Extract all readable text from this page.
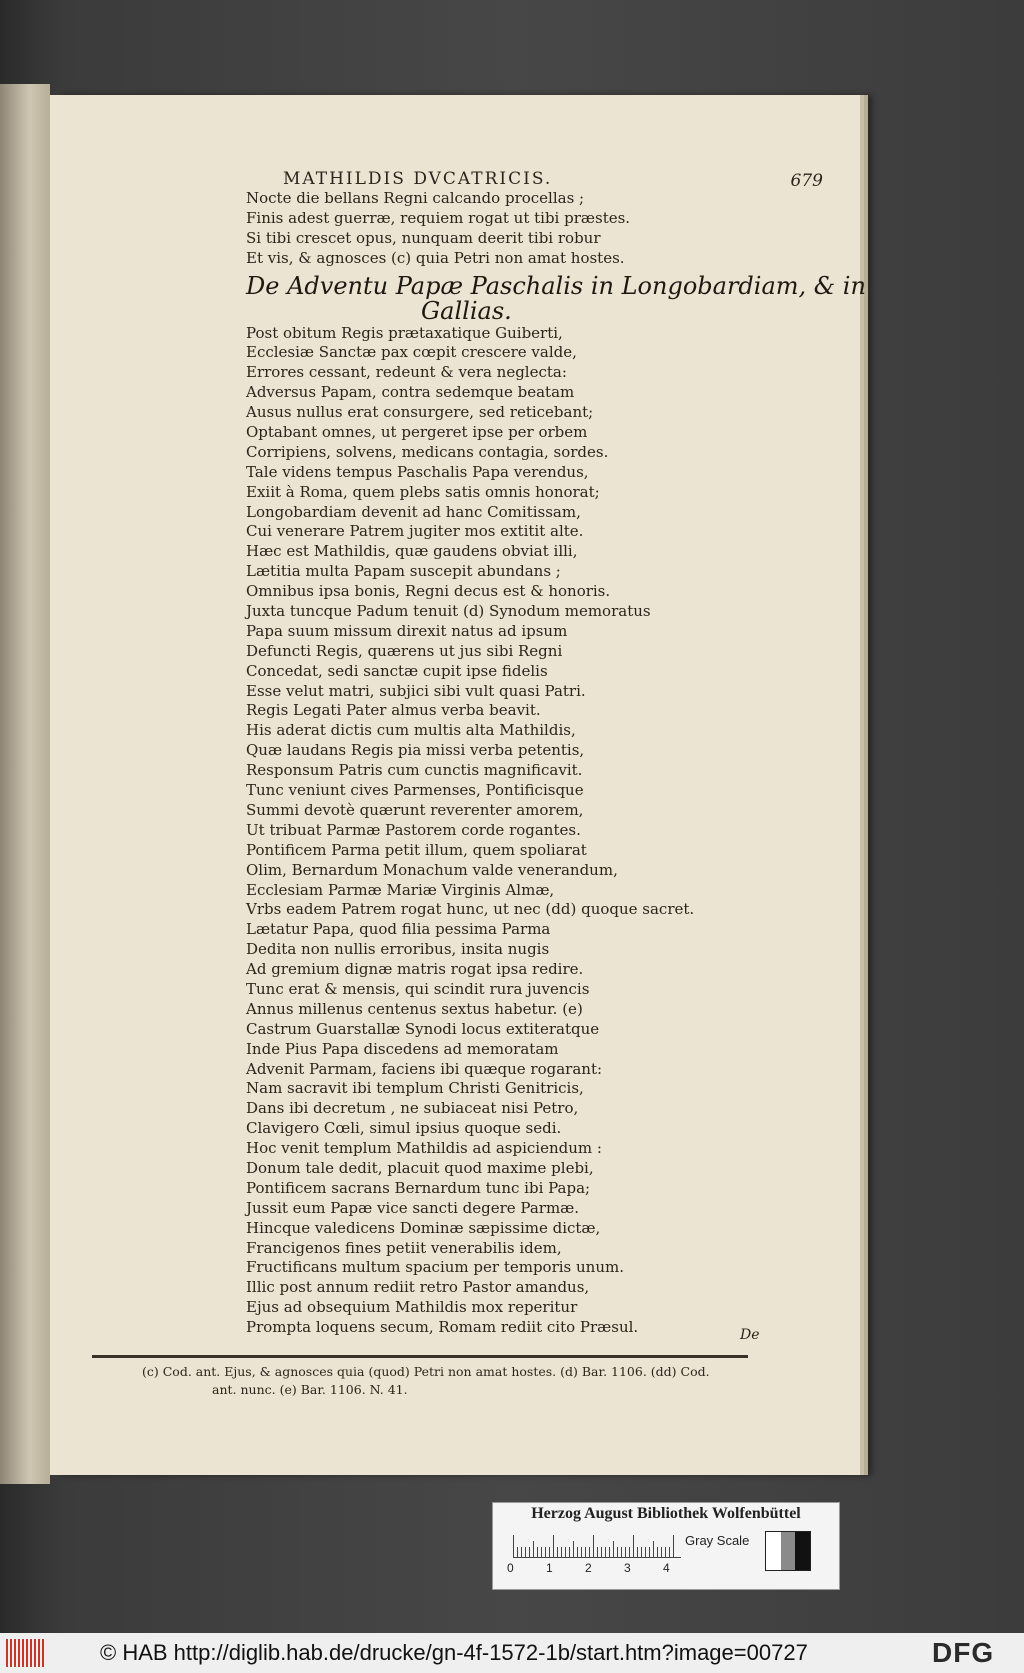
MATHILDIS DVCATRICIS.	679
Nocte die bellans Regni calcando procellas ;
Finis adest guerræ, requiem rogat ut tibi præstes.
Si tibi crescet opus, nunquam deerit tibi robur
Et vis, & agnosces (c) quia Petri non amat hostes.
De Adventu Papæ Paschalis in Longobardiam, & in
Gallias.
Post obitum Regis prætaxatique Guiberti,
Ecclesiæ Sanctæ pax cœpit crescere valde,
Errores cessant, redeunt & vera neglecta:
Adversus Papam, contra sedemque beatam
Ausus nullus erat consurgere, sed reticebant;
Optabant omnes, ut pergeret ipse per orbem
Corripiens, solvens, medicans contagia, sordes.
Tale videns tempus Paschalis Papa verendus,
Exiit à Roma, quem plebs satis omnis honorat;
Longobardiam devenit ad hanc Comitissam,
Cui venerare Patrem jugiter mos extitit alte.
Hæc est Mathildis, quæ gaudens obviat illi,
Lætitia multa Papam suscepit abundans ;
Omnibus ipsa bonis, Regni decus est & honoris.
Juxta tuncque Padum tenuit (d) Synodum memoratus
Papa suum missum direxit natus ad ipsum
Defuncti Regis, quærens ut jus sibi Regni
Concedat, sedi sanctæ cupit ipse fidelis
Esse velut matri, subjici sibi vult quasi Patri.
Regis Legati Pater almus verba beavit.
His aderat dictis cum multis alta Mathildis,
Quæ laudans Regis pia missi verba petentis,
Responsum Patris cum cunctis magnificavit.
Tunc veniunt cives Parmenses, Pontificisque
Summi devotè quærunt reverenter amorem,
Ut tribuat Parmæ Pastorem corde rogantes.
Pontificem Parma petit illum, quem spoliarat
Olim, Bernardum Monachum valde venerandum,
Ecclesiam Parmæ Mariæ Virginis Almæ,
Vrbs eadem Patrem rogat hunc, ut nec (dd) quoque sacret.
Lætatur Papa, quod filia pessima Parma
Dedita non nullis erroribus, insita nugis
Ad gremium dignæ matris rogat ipsa redire.
Tunc erat & mensis, qui scindit rura juvencis
Annus millenus centenus sextus habetur. (e)
Castrum Guarstallæ Synodi locus extiteratque
Inde Pius Papa discedens ad memoratam
Advenit Parmam, faciens ibi quæque rogarant:
Nam sacravit ibi templum Christi Genitricis,
Dans ibi decretum , ne subiaceat nisi Petro,
Clavigero Cœli, simul ipsius quoque sedi.
Hoc venit templum Mathildis ad aspiciendum :
Donum tale dedit, placuit quod maxime plebi,
Pontificem sacrans Bernardum tunc ibi Papa;
Jussit eum Papæ vice sancti degere Parmæ.
Hincque valedicens Dominæ sæpissime dictæ,
Francigenos fines petiit venerabilis idem,
Fructificans multum spacium per temporis unum.
Illic post annum rediit retro Pastor amandus,
Ejus ad obsequium Mathildis mox reperitur
Prompta loquens secum, Romam rediit cito Præsul.	De
(c) Cod. ant. Ejus, & agnosces quia (quod) Petri non amat hostes. (d) Bar. 1106. (dd) Cod.
ant. nunc. (e) Bar. 1106. N. 41.
Herzog August Bibliothek Wolfenbüttel
0	1	2	3	4
Gray Scale
© HAB http://diglib.hab.de/drucke/gn-4f-1572-1b/start.htm?image=00727	DFG
